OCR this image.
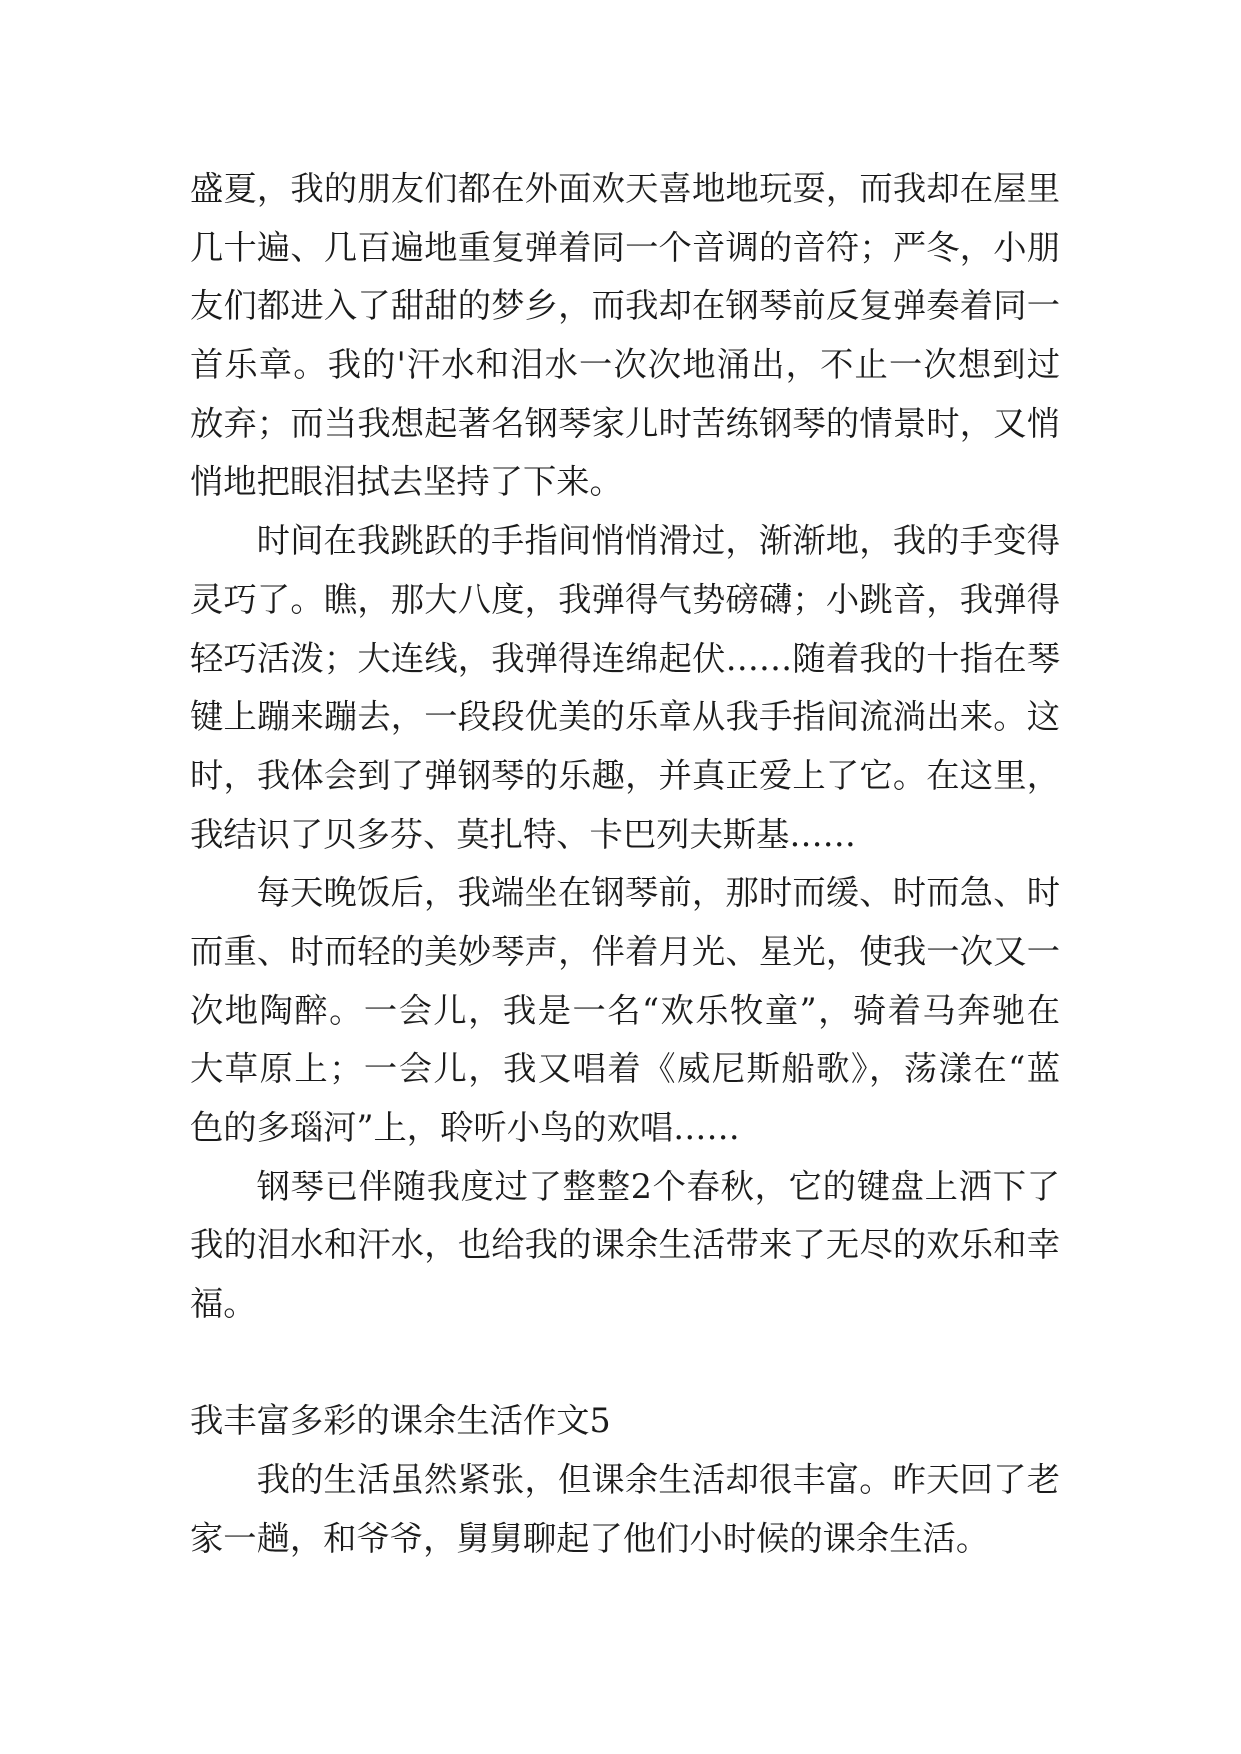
盛夏，我的朋友们都在外面欢天喜地地玩耍，而我却在屋里
几十遍、几百遍地重复弹着同一个音调的音符；严冬，小朋
友们都进入了甜甜的梦乡，而我却在钢琴前反复弹奏着同一
首乐章。我的'汗水和泪水一次次地涌出，不止一次想到过
放弃；而当我想起著名钢琴家儿时苦练钢琴的情景时，又悄
悄地把眼泪拭去坚持了下来。
时间在我跳跃的手指间悄悄滑过，渐渐地，我的手变得
灵巧了。瞧，那大八度，我弹得气势磅礴；小跳音，我弹得
轻巧活泼；大连线，我弹得连绵起伏……随着我的十指在琴
键上蹦来蹦去，一段段优美的乐章从我手指间流淌出来。这
时，我体会到了弹钢琴的乐趣，并真正爱上了它。在这里，
我结识了贝多芬、莫扎特、卡巴列夫斯基……
每天晚饭后，我端坐在钢琴前，那时而缓、时而急、时
而重、时而轻的美妙琴声，伴着月光、星光，使我一次又一
次地陶醉。一会儿，我是一名“欢乐牧童”，骑着马奔驰在
大草原上；一会儿，我又唱着《威尼斯船歌》，荡漾在“蓝
色的多瑙河”上，聆听小鸟的欢唱……
钢琴已伴随我度过了整整2个春秋，它的键盘上洒下了
我的泪水和汗水，也给我的课余生活带来了无尽的欢乐和幸
福。
我丰富多彩的课余生活作文5
我的生活虽然紧张，但课余生活却很丰富。昨天回了老
家一趟，和爷爷，舅舅聊起了他们小时候的课余生活。
